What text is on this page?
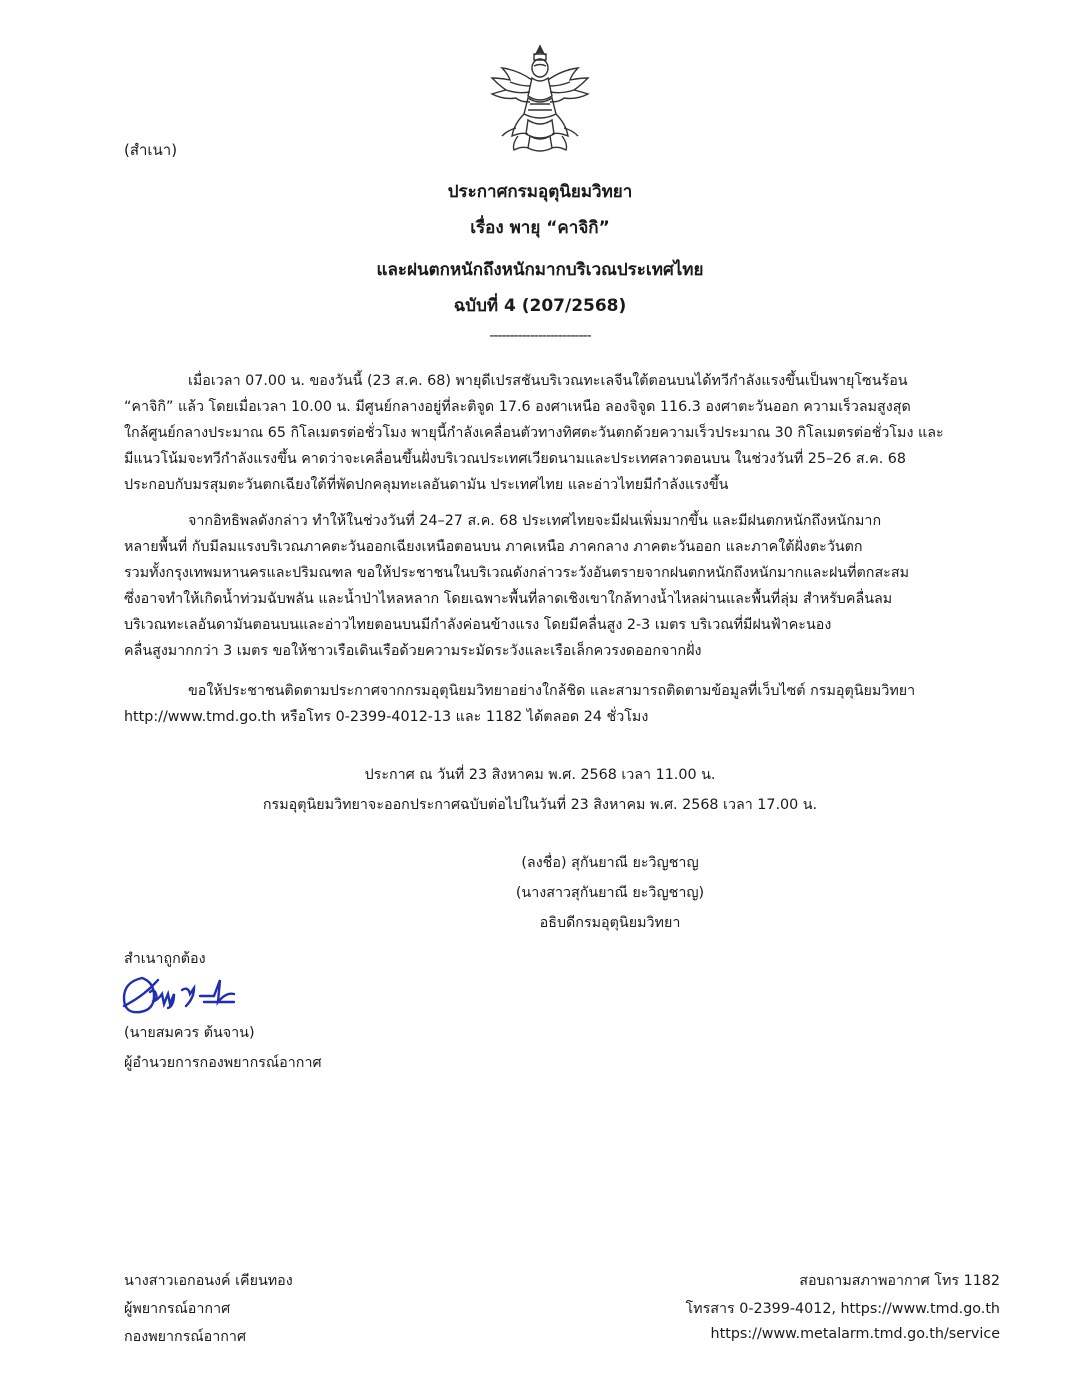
(สำเนา)
ประกาศกรมอุตุนิยมวิทยา
เรื่อง พายุ “คาจิกิ”
และฝนตกหนักถึงหนักมากบริเวณประเทศไทย
ฉบับที่ 4 (207/2568)
-------------------------
เมื่อเวลา 07.00 น. ของวันนี้ (23 ส.ค. 68) พายุดีเปรสชันบริเวณทะเลจีนใต้ตอนบนได้ทวีกำลังแรงขึ้นเป็นพายุโซนร้อน
“คาจิกิ” แล้ว โดยเมื่อเวลา 10.00 น. มีศูนย์กลางอยู่ที่ละติจูด 17.6 องศาเหนือ ลองจิจูด 116.3 องศาตะวันออก ความเร็วลมสูงสุด
ใกล้ศูนย์กลางประมาณ 65 กิโลเมตรต่อชั่วโมง พายุนี้กำลังเคลื่อนตัวทางทิศตะวันตกด้วยความเร็วประมาณ 30 กิโลเมตรต่อชั่วโมง และ
มีแนวโน้มจะทวีกำลังแรงขึ้น คาดว่าจะเคลื่อนขึ้นฝั่งบริเวณประเทศเวียดนามและประเทศลาวตอนบน ในช่วงวันที่ 25–26 ส.ค. 68
ประกอบกับมรสุมตะวันตกเฉียงใต้ที่พัดปกคลุมทะเลอันดามัน ประเทศไทย และอ่าวไทยมีกำลังแรงขึ้น
จากอิทธิพลดังกล่าว ทำให้ในช่วงวันที่ 24–27 ส.ค. 68 ประเทศไทยจะมีฝนเพิ่มมากขึ้น และมีฝนตกหนักถึงหนักมาก
หลายพื้นที่ กับมีลมแรงบริเวณภาคตะวันออกเฉียงเหนือตอนบน ภาคเหนือ ภาคกลาง ภาคตะวันออก และภาคใต้ฝั่งตะวันตก
รวมทั้งกรุงเทพมหานครและปริมณฑล ขอให้ประชาชนในบริเวณดังกล่าวระวังอันตรายจากฝนตกหนักถึงหนักมากและฝนที่ตกสะสม
ซึ่งอาจทำให้เกิดน้ำท่วมฉับพลัน และน้ำป่าไหลหลาก โดยเฉพาะพื้นที่ลาดเชิงเขาใกล้ทางน้ำไหลผ่านและพื้นที่ลุ่ม สำหรับคลื่นลม
บริเวณทะเลอันดามันตอนบนและอ่าวไทยตอนบนมีกำลังค่อนข้างแรง โดยมีคลื่นสูง 2-3 เมตร บริเวณที่มีฝนฟ้าคะนอง
คลื่นสูงมากกว่า 3 เมตร ขอให้ชาวเรือเดินเรือด้วยความระมัดระวังและเรือเล็กควรงดออกจากฝั่ง
ขอให้ประชาชนติดตามประกาศจากกรมอุตุนิยมวิทยาอย่างใกล้ชิด และสามารถติดตามข้อมูลที่เว็บไซต์ กรมอุตุนิยมวิทยา
http://www.tmd.go.th หรือโทร 0-2399-4012-13 และ 1182 ได้ตลอด 24 ชั่วโมง
ประกาศ ณ วันที่ 23 สิงหาคม พ.ศ. 2568 เวลา 11.00 น.
กรมอุตุนิยมวิทยาจะออกประกาศฉบับต่อไปในวันที่ 23 สิงหาคม พ.ศ. 2568 เวลา 17.00 น.
(ลงชื่อ) สุกันยาณี ยะวิญชาญ
(นางสาวสุกันยาณี ยะวิญชาญ)
อธิบดีกรมอุตุนิยมวิทยา
สำเนาถูกต้อง
(นายสมควร ต้นจาน)
ผู้อำนวยการกองพยากรณ์อากาศ
นางสาวเอกอนงค์ เคียนทอง
ผู้พยากรณ์อากาศ
กองพยากรณ์อากาศ
สอบถามสภาพอากาศ โทร 1182
โทรสาร 0-2399-4012, https://www.tmd.go.th
https://www.metalarm.tmd.go.th/service
